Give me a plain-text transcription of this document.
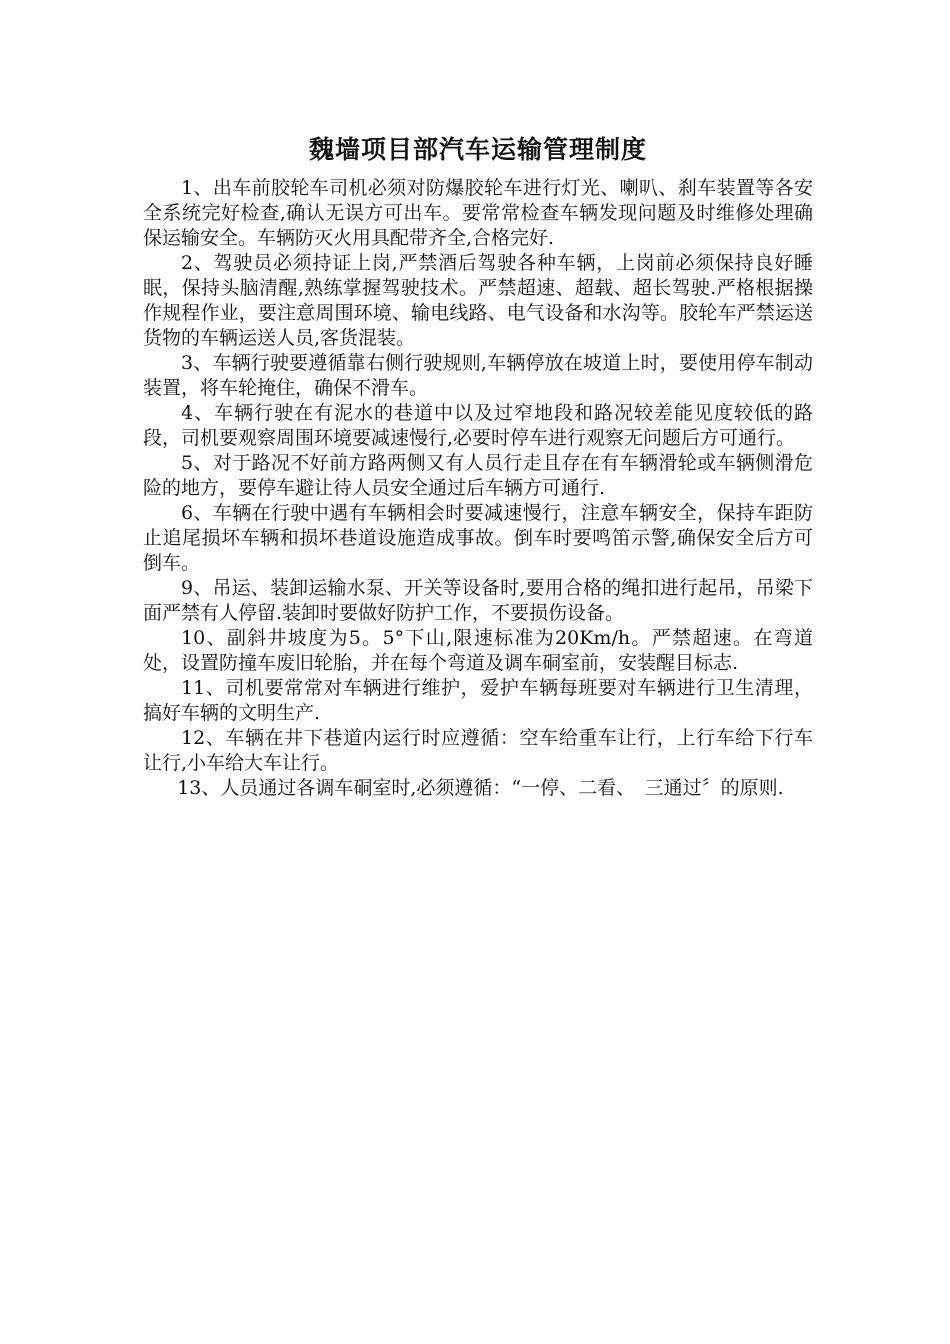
魏墙项目部汽车运输管理制度

1、出车前胶轮车司机必须对防爆胶轮车进行灯光、喇叭、刹车装置等各安全系统完好检查,确认无误方可出车。要常常检查车辆发现问题及时维修处理确保运输安全。车辆防灭火用具配带齐全,合格完好.

2、驾驶员必须持证上岗,严禁酒后驾驶各种车辆，上岗前必须保持良好睡眠，保持头脑清醒,熟练掌握驾驶技术。严禁超速、超载、超长驾驶.严格根据操作规程作业，要注意周围环境、输电线路、电气设备和水沟等。胶轮车严禁运送货物的车辆运送人员,客货混装。

3、车辆行驶要遵循靠右侧行驶规则,车辆停放在坡道上时，要使用停车制动装置，将车轮掩住，确保不滑车。

4、车辆行驶在有泥水的巷道中以及过窄地段和路况较差能见度较低的路段，司机要观察周围环境要减速慢行,必要时停车进行观察无问题后方可通行。

5、对于路况不好前方路两侧又有人员行走且存在有车辆滑轮或车辆侧滑危险的地方，要停车避让待人员安全通过后车辆方可通行.

6、车辆在行驶中遇有车辆相会时要减速慢行，注意车辆安全，保持车距防止追尾损坏车辆和损坏巷道设施造成事故。倒车时要鸣笛示警,确保安全后方可倒车。

9、吊运、装卸运输水泵、开关等设备时,要用合格的绳扣进行起吊，吊梁下面严禁有人停留.装卸时要做好防护工作，不要损伤设备。

10、副斜井坡度为5。5°下山,限速标准为20Km/h。严禁超速。在弯道处，设置防撞车废旧轮胎，并在每个弯道及调车硐室前，安装醒目标志.

11、司机要常常对车辆进行维护，爱护车辆每班要对车辆进行卫生清理，搞好车辆的文明生产.

12、车辆在井下巷道内运行时应遵循：空车给重车让行，上行车给下行车让行,小车给大车让行。

13、人员通过各调车硐室时,必须遵循：“一停、二看、　三通过〞的原则.
